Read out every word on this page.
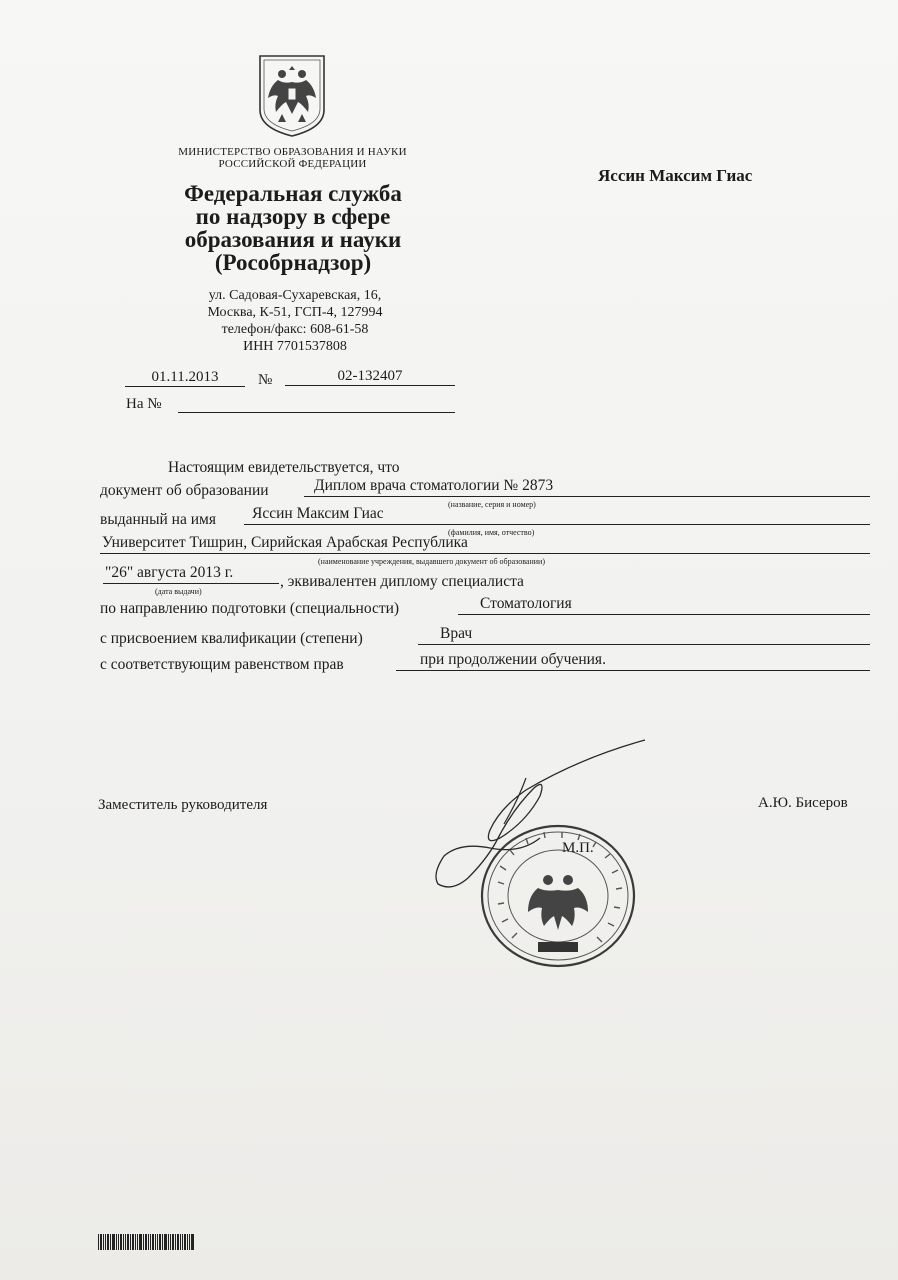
МИНИСТЕРСТВО ОБРАЗОВАНИЯ И НАУКИ
РОССИЙСКОЙ ФЕДЕРАЦИИ
Федеральная служба
по надзору в сфере
образования и науки
(Рособрнадзор)
ул. Садовая-Сухаревская, 16,
Москва, К-51, ГСП-4, 127994
телефон/факс: 608-61-58
ИНН 7701537808
Яссин Максим Гиас
01.11.2013	№	02-132407
На №
Настоящим евидетельствуется, что
документ об образовании	Диплом врача стоматологии № 2873
(название, серия и номер)
выданный на имя Яссин Максим Гиас
(фамилия, имя, отчество)
Университет Тишрин, Сирийская Арабская Республика
(наименование учреждения, выдавшего документ об образовании)
"26" августа 2013 г.
(дата выдачи)
, эквивалентен диплому специалиста
по направлению подготовки (специальности)	Стоматология
с присвоением квалификации (степени)	Врач
с соответствующим равенством прав	при продолжении обучения.
Заместитель руководителя	А.Ю. Бисеров
М.П.
